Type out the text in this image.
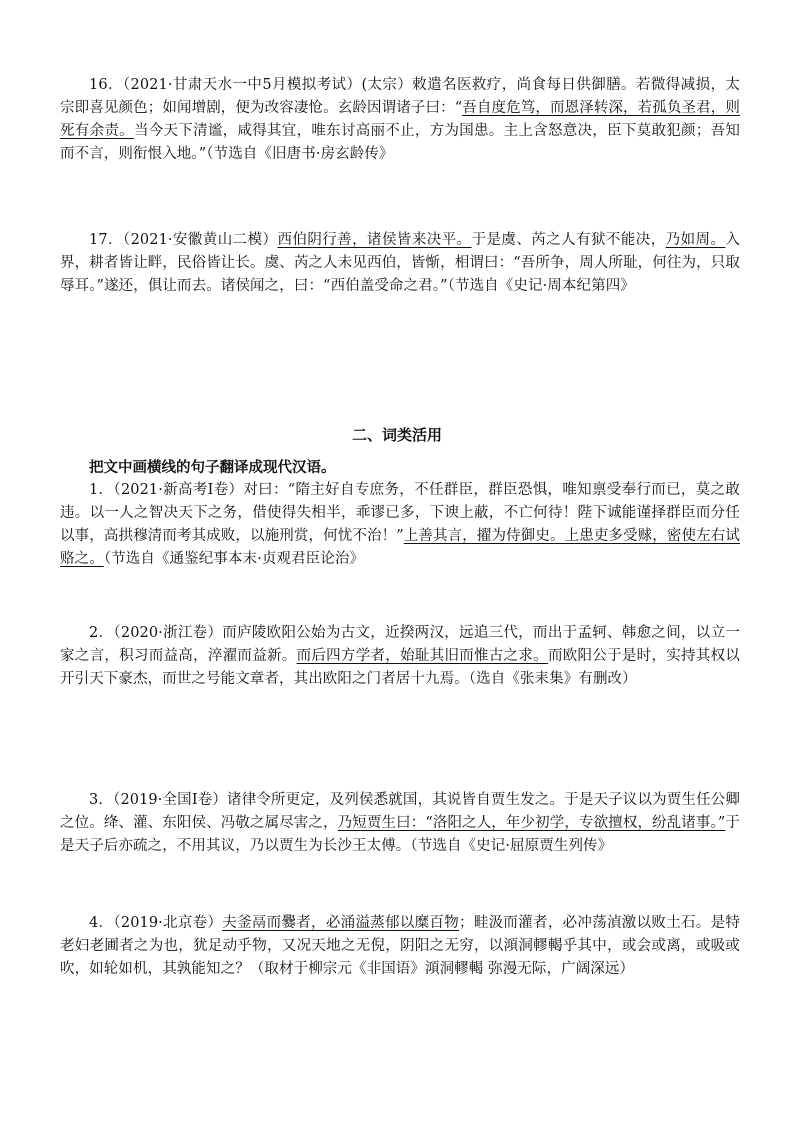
16．（2021·甘肃天水一中5月模拟考试）(太宗）敕遣名医救疗，尚食每日供御膳。若微得减损，太宗即喜见颜色；如闻增剧，便为改容凄怆。玄龄因谓诸子曰：“吾自度危笃，而恩泽转深，若孤负圣君，则死有余责。当今天下清谧，咸得其宜，唯东讨高丽不止，方为国患。主上含怒意决，臣下莫敢犯颜；吾知而不言，则衔恨入地。”（节选自《旧唐书·房玄龄传》

17．（2021·安徽黄山二模）西伯阴行善，诸侯皆来决平。于是虞、芮之人有狱不能决，乃如周。入界，耕者皆让畔，民俗皆让长。虞、芮之人未见西伯，皆惭，相谓曰：“吾所争，周人所耻，何往为，只取辱耳。”遂还，俱让而去。诸侯闻之，曰：“西伯盖受命之君。”（节选自《史记·周本纪第四》

二、词类活用

把文中画横线的句子翻译成现代汉语。

1．（2021·新高考Ⅰ卷）对曰：“隋主好自专庶务，不任群臣，群臣恐惧，唯知禀受奉行而已，莫之敢违。以一人之智决天下之务，借使得失相半，乖谬已多，下谀上蔽，不亡何待！陛下诚能谨择群臣而分任以事，高拱穆清而考其成败，以施刑赏，何忧不治！”上善其言，擢为侍御史。上患吏多受赇，密使左右试赂之。（节选自《通鉴纪事本末·贞观君臣论治》

2．（2020·浙江卷）而庐陵欧阳公始为古文，近揆两汉，远追三代，而出于孟轲、韩愈之间，以立一家之言，积习而益高，淬濯而益新。而后四方学者，始耻其旧而惟古之求。而欧阳公于是时，实持其权以开引天下豪杰，而世之号能文章者，其出欧阳之门者居十九焉。（选自《张耒集》有删改）

3．（2019·全国Ⅰ卷）诸律令所更定，及列侯悉就国，其说皆自贾生发之。于是天子议以为贾生任公卿之位。绛、灌、东阳侯、冯敬之属尽害之，乃短贾生曰：“洛阳之人，年少初学，专欲擅权，纷乱诸事。”于是天子后亦疏之，不用其议，乃以贾生为长沙王太傅。（节选自《史记·屈原贾生列传》

4．（2019·北京卷）夫釜鬲而爨者，必涌溢蒸郁以糜百物；畦汲而灌者，必冲荡湞激以败土石。是特老妇老圃者之为也，犹足动乎物，又况天地之无倪，阴阳之无穷，以澒洞轇輵乎其中，或会或离，或吸或吹，如轮如机，其孰能知之？（取材于柳宗元《非国语》澒洞轇輵 弥漫无际，广阔深远）
